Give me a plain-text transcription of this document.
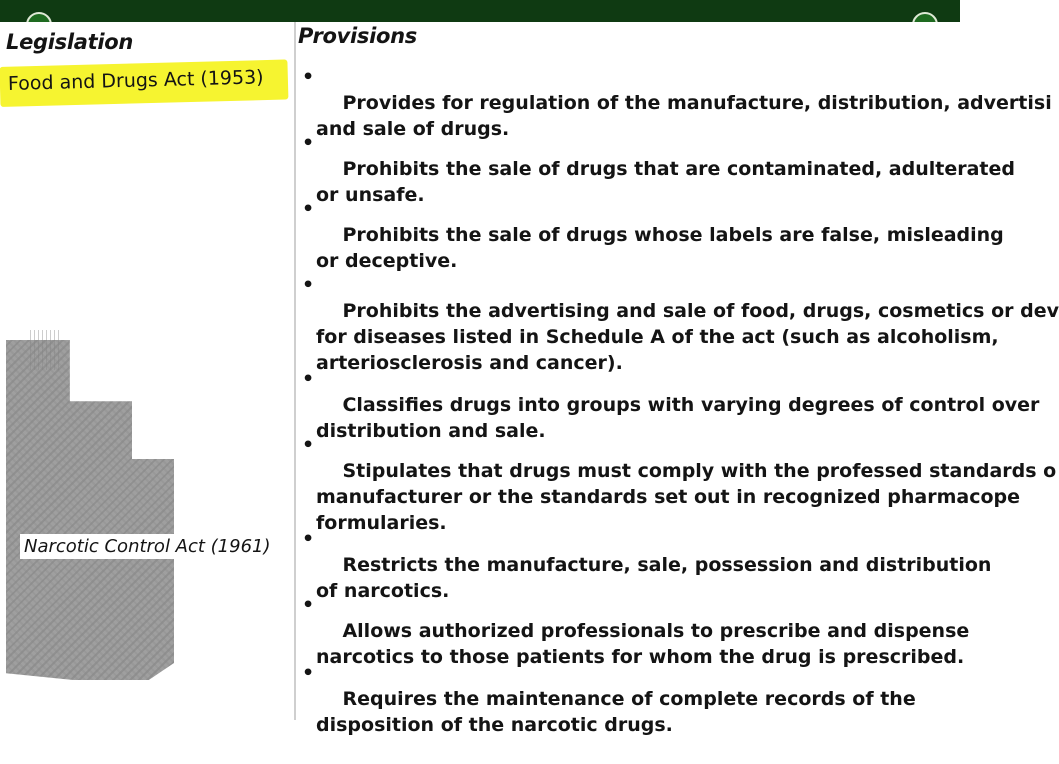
Legislation	Provisions
Food and Drugs Act (1953)
Narcotic Control Act (1961)

•
Provides for regulation of the manufacture, distribution, advertisi
and sale of drugs.

•
Prohibits the sale of drugs that are contaminated, adulterated
or unsafe.

•
Prohibits the sale of drugs whose labels are false, misleading
or deceptive.

•
Prohibits the advertising and sale of food, drugs, cosmetics or dev
for diseases listed in Schedule A of the act (such as alcoholism,
arteriosclerosis and cancer).

•
Classifies drugs into groups with varying degrees of control over
distribution and sale.

•
Stipulates that drugs must comply with the professed standards o
manufacturer or the standards set out in recognized pharmacope
formularies.

•
Restricts the manufacture, sale, possession and distribution
of narcotics.

•
Allows authorized professionals to prescribe and dispense
narcotics to those patients for whom the drug is prescribed.

•
Requires the maintenance of complete records of the
disposition of the narcotic drugs.
